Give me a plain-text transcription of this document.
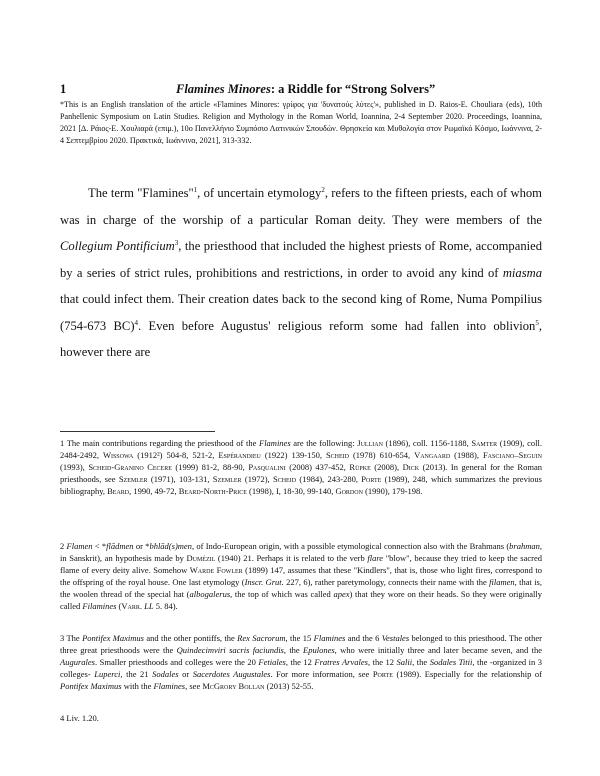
1	Flamines Minores: a Riddle for “Strong Solvers”
*This is an English translation of the article «Flamines Minores: γρίφος για 'δυνατούς λύτες'», published in D. Raios-E. Chouliara (eds), 10th Panhellenic Symposium on Latin Studies. Religion and Mythology in the Roman World, Ioannina, 2-4 September 2020. Proceedings, Ioannina, 2021 [Δ. Ράιος-Ε. Χουλιαρά (επιμ.), 10ο Πανελλήνιο Συμπόσιο Λατινικών Σπουδών. Θρησκεία και Μυθολογία στον Ρωμαϊκό Κόσμο, Ιωάννινα, 2-4 Σεπτεμβρίου 2020. Πρακτικά, Ιωάννινα, 2021], 313-332.

The term "Flamines"$^1$, of uncertain etymology$^2$, refers to the fifteen priests, each of whom was in charge of the worship of a particular Roman deity. They were members of the Collegium Pontificium$^3$, the priesthood that included the highest priests of Rome, accompanied by a series of strict rules, prohibitions and restrictions, in order to avoid any kind of miasma that could infect them. Their creation dates back to the second king of Rome, Numa Pompilius (754-673 BC)$^4$. Even before Augustus' religious reform some had fallen into oblivion$^5$, however there are

1 The main contributions regarding the priesthood of the Flamines are the following: Jullian (1896), coll. 1156-1188, Samter (1909), coll. 2484-2492, Wissowa (1912²) 504-8, 521-2, Espérandieu (1922) 139-150, Scheid (1978) 610-654, Vangaard (1988), Fasciano–Seguin (1993), Scheid-Granino Cecere (1999) 81-2, 88-90, Pasqualini (2008) 437-452, Rüpke (2008), Dick (2013). In general for the Roman priesthoods, see Szemler (1971), 103-131, Szemler (1972), Scheid (1984), 243-280, Porte (1989), 248, which summarizes the previous bibliography, Beard, 1990, 49-72, Beard-North-Price (1998), I, 18-30, 99-140, Gordon (1990), 179-198.
2 Flamen < *flādmen or *bhlād(s)men, of Indo-European origin, with a possible etymological connection also with the Brahmans (brahman, in Sanskrit), an hypothesis made by Dumézil (1940) 21. Perhaps it is related to the verb flare "blow", because they tried to keep the sacred flame of every deity alive. Somehow Warde Fowler (1899) 147, assumes that these "Kindlers", that is, those who light fires, correspond to the offspring of the royal house. One last etymology (Inscr. Grut. 227, 6), rather paretymology, connects their name with the filamen, that is, the woolen thread of the special hat (albogalerus, the top of which was called apex) that they wore on their heads. So they were originally called Filamines (Varr. LL 5. 84).
3 The Pontifex Maximus and the other pontiffs, the Rex Sacrorum, the 15 Flamines and the 6 Vestales belonged to this priesthood. The other three great priesthoods were the Quindecimviri sacris faciundis, the Epulones, who were initially three and later became seven, and the Augurales. Smaller priesthoods and colleges were the 20 Fetiales, the 12 Fratres Arvales, the 12 Salii, the Sodales Titii, the -organized in 3 colleges- Luperci, the 21 Sodales or Sacerdotes Augustales. For more information, see Porte (1989). Especially for the relationship of Pontifex Maximus with the Flamines, see McGrory Bollan (2013) 52-55.
4 Liv. 1.20.
